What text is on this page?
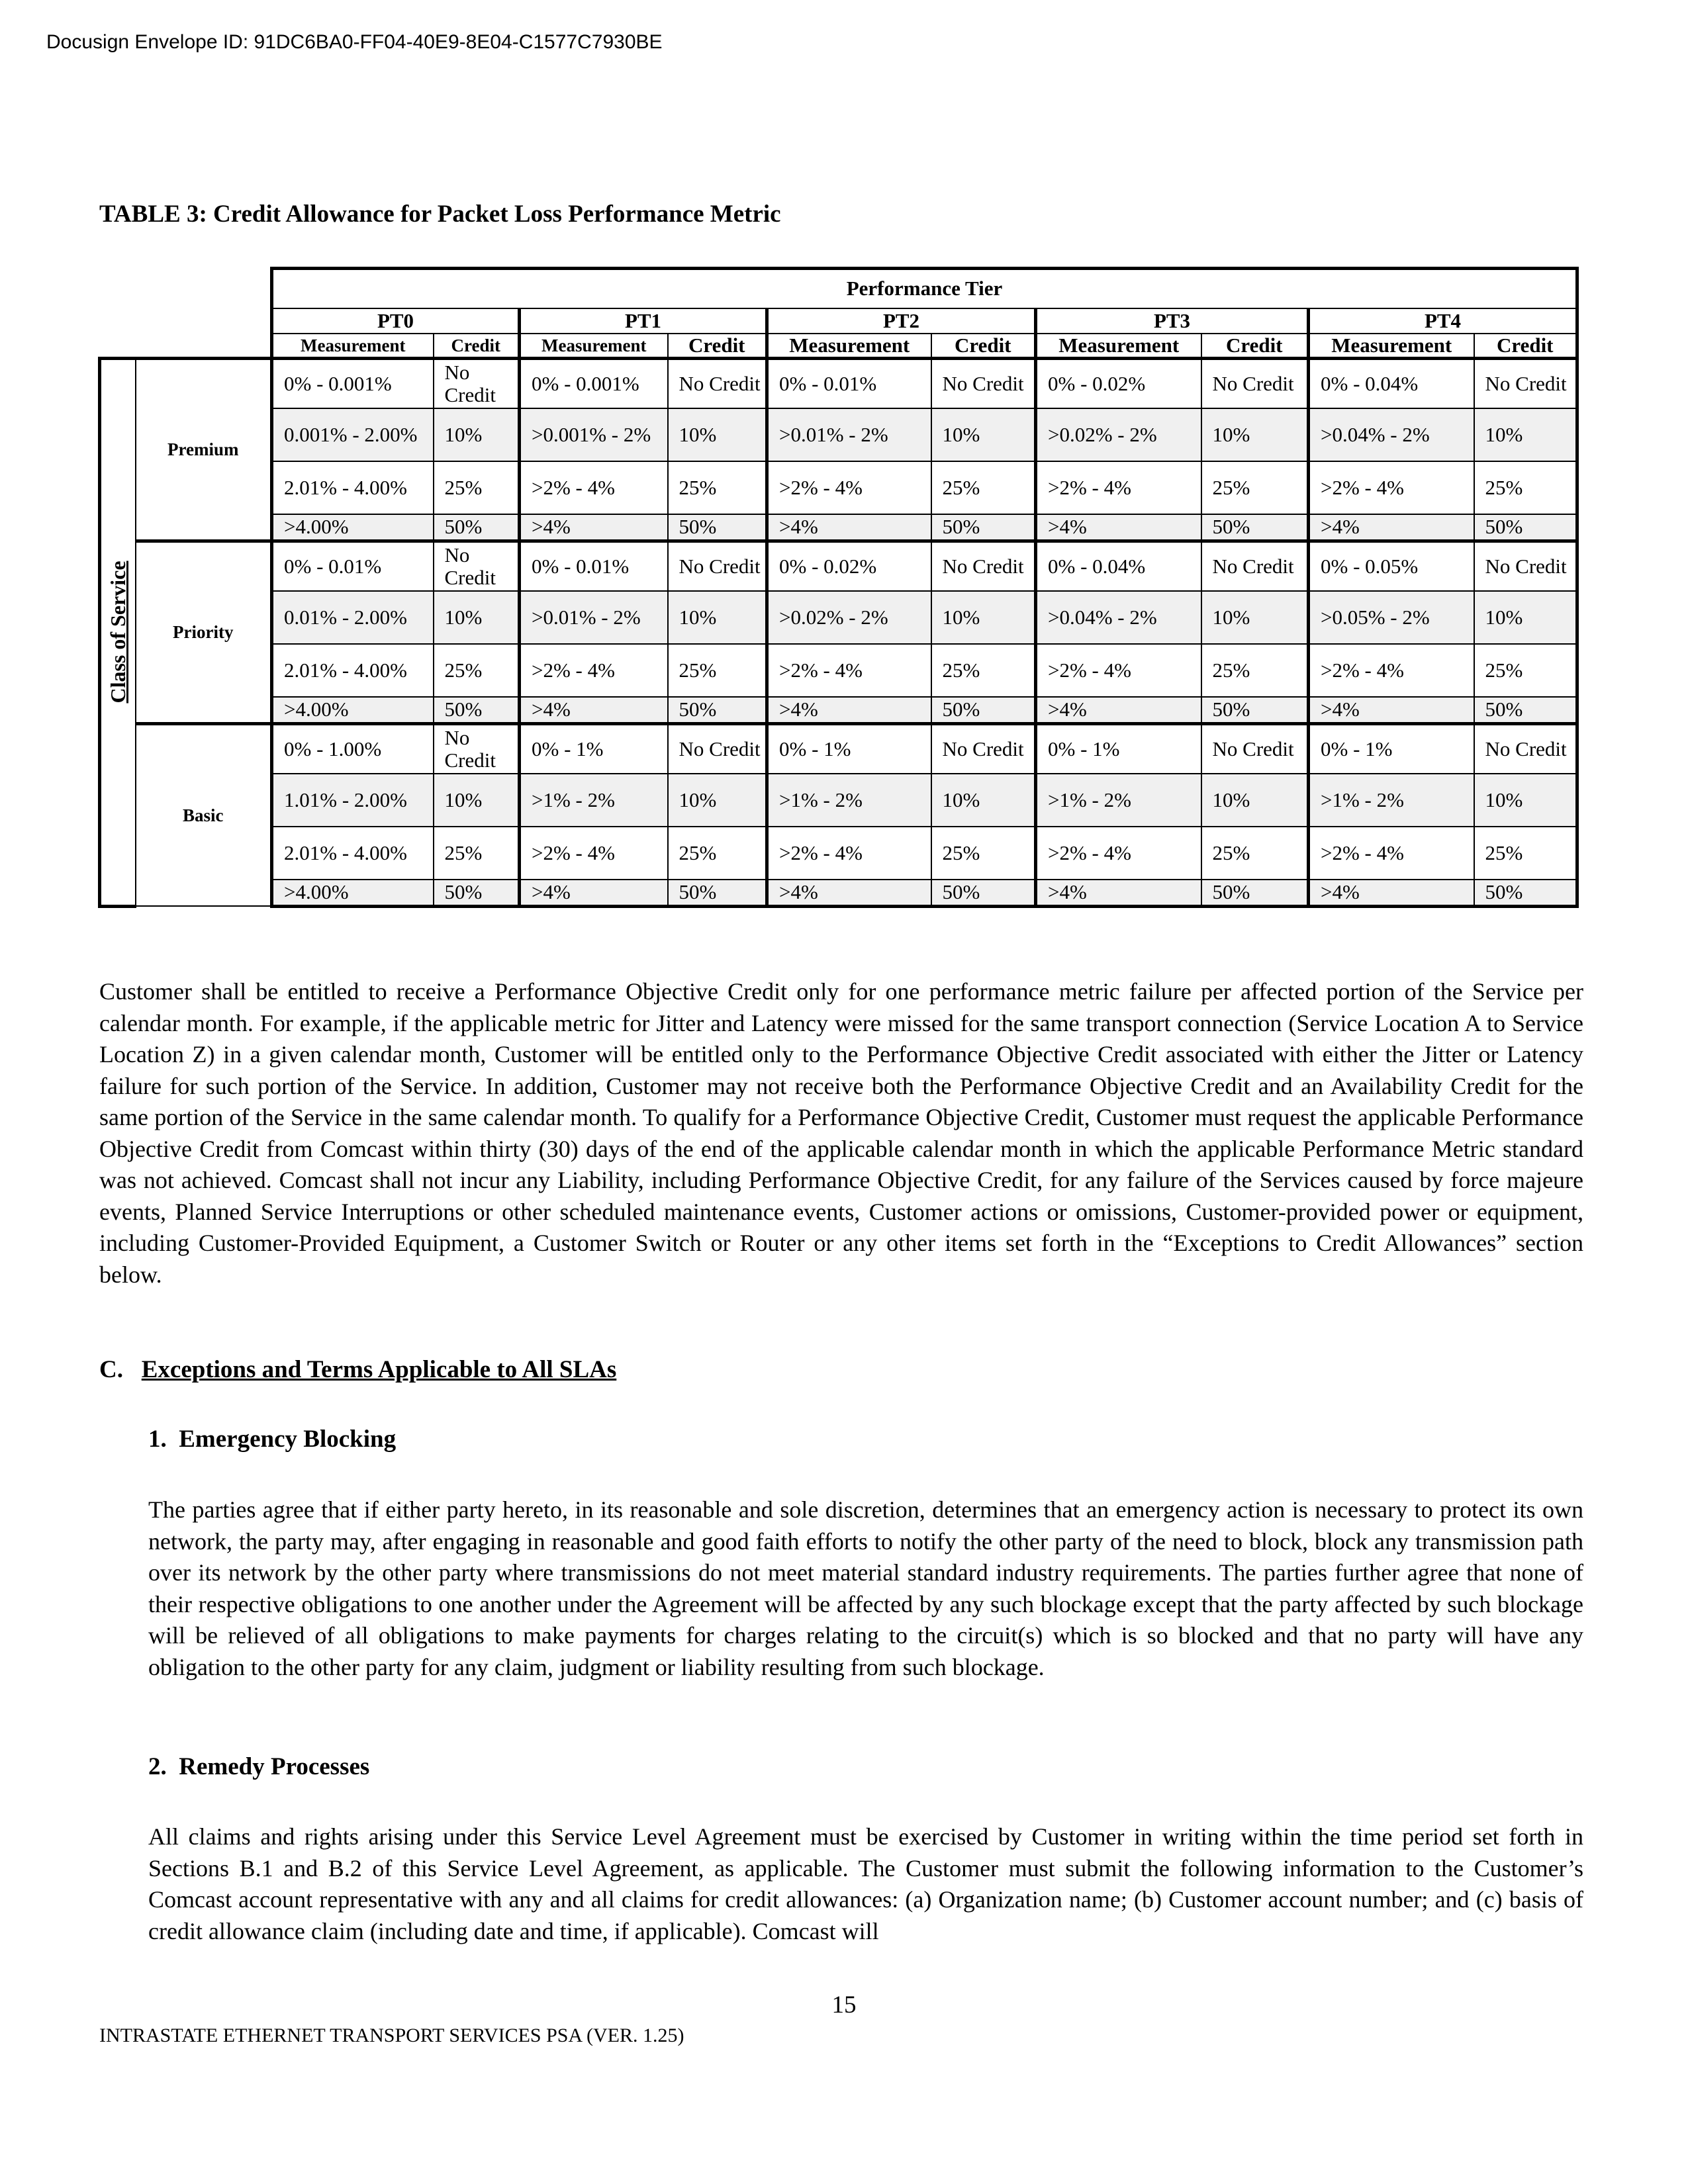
Docusign Envelope ID: 91DC6BA0-FF04-40E9-8E04-C1577C7930BE
TABLE 3: Credit Allowance for Packet Loss Performance Metric
		Performance Tier									
		PT0		PT1		PT2		PT3		PT4	
		Measurement	Credit	Measurement	Credit	Measurement	Credit	Measurement	Credit	Measurement	Credit

Class of Service	Premium	0% - 0.001%	No Credit	0% - 0.001%	No Credit	0% - 0.01%	No Credit	0% - 0.02%	No Credit	0% - 0.04%	No Credit
		0.001% - 2.00%	10%	>0.001% - 2%	10%	>0.01% - 2%	10%	>0.02% - 2%	10%	>0.04% - 2%	10%
		2.01% - 4.00%	25%	>2% - 4%	25%	>2% - 4%	25%	>2% - 4%	25%	>2% - 4%	25%
		>4.00%	50%	>4%	50%	>4%	50%	>4%	50%	>4%	50%
	Priority	0% - 0.01%	No Credit	0% - 0.01%	No Credit	0% - 0.02%	No Credit	0% - 0.04%	No Credit	0% - 0.05%	No Credit
		0.01% - 2.00%	10%	>0.01% - 2%	10%	>0.02% - 2%	10%	>0.04% - 2%	10%	>0.05% - 2%	10%
		2.01% - 4.00%	25%	>2% - 4%	25%	>2% - 4%	25%	>2% - 4%	25%	>2% - 4%	25%
		>4.00%	50%	>4%	50%	>4%	50%	>4%	50%	>4%	50%
	Basic	0% - 1.00%	No Credit	0% - 1%	No Credit	0% - 1%	No Credit	0% - 1%	No Credit	0% - 1%	No Credit
		1.01% - 2.00%	10%	>1% - 2%	10%	>1% - 2%	10%	>1% - 2%	10%	>1% - 2%	10%
		2.01% - 4.00%	25%	>2% - 4%	25%	>2% - 4%	25%	>2% - 4%	25%	>2% - 4%	25%
		>4.00%	50%	>4%	50%	>4%	50%	>4%	50%	>4%	50%
Customer shall be entitled to receive a Performance Objective Credit only for one performance metric failure per affected portion of the Service per calendar month. For example, if the applicable metric for Jitter and Latency were missed for the same transport connection (Service Location A to Service Location Z) in a given calendar month, Customer will be entitled only to the Performance Objective Credit associated with either the Jitter or Latency failure for such portion of the Service. In addition, Customer may not receive both the Performance Objective Credit and an Availability Credit for the same portion of the Service in the same calendar month. To qualify for a Performance Objective Credit, Customer must request the applicable Performance Objective Credit from Comcast within thirty (30) days of the end of the applicable calendar month in which the applicable Performance Metric standard was not achieved. Comcast shall not incur any Liability, including Performance Objective Credit, for any failure of the Services caused by force majeure events, Planned Service Interruptions or other scheduled maintenance events, Customer actions or omissions, Customer-provided power or equipment, including Customer-Provided Equipment, a Customer Switch or Router or any other items set forth in the “Exceptions to Credit Allowances” section below.
C. Exceptions and Terms Applicable to All SLAs
1. Emergency Blocking
The parties agree that if either party hereto, in its reasonable and sole discretion, determines that an emergency action is necessary to protect its own network, the party may, after engaging in reasonable and good faith efforts to notify the other party of the need to block, block any transmission path over its network by the other party where transmissions do not meet material standard industry requirements. The parties further agree that none of their respective obligations to one another under the Agreement will be affected by any such blockage except that the party affected by such blockage will be relieved of all obligations to make payments for charges relating to the circuit(s) which is so blocked and that no party will have any obligation to the other party for any claim, judgment or liability resulting from such blockage.
2. Remedy Processes
All claims and rights arising under this Service Level Agreement must be exercised by Customer in writing within the time period set forth in Sections B.1 and B.2 of this Service Level Agreement, as applicable. The Customer must submit the following information to the Customer’s Comcast account representative with any and all claims for credit allowances: (a) Organization name; (b) Customer account number; and (c) basis of credit allowance claim (including date and time, if applicable). Comcast will
15
INTRASTATE ETHERNET TRANSPORT SERVICES PSA (VER. 1.25)
